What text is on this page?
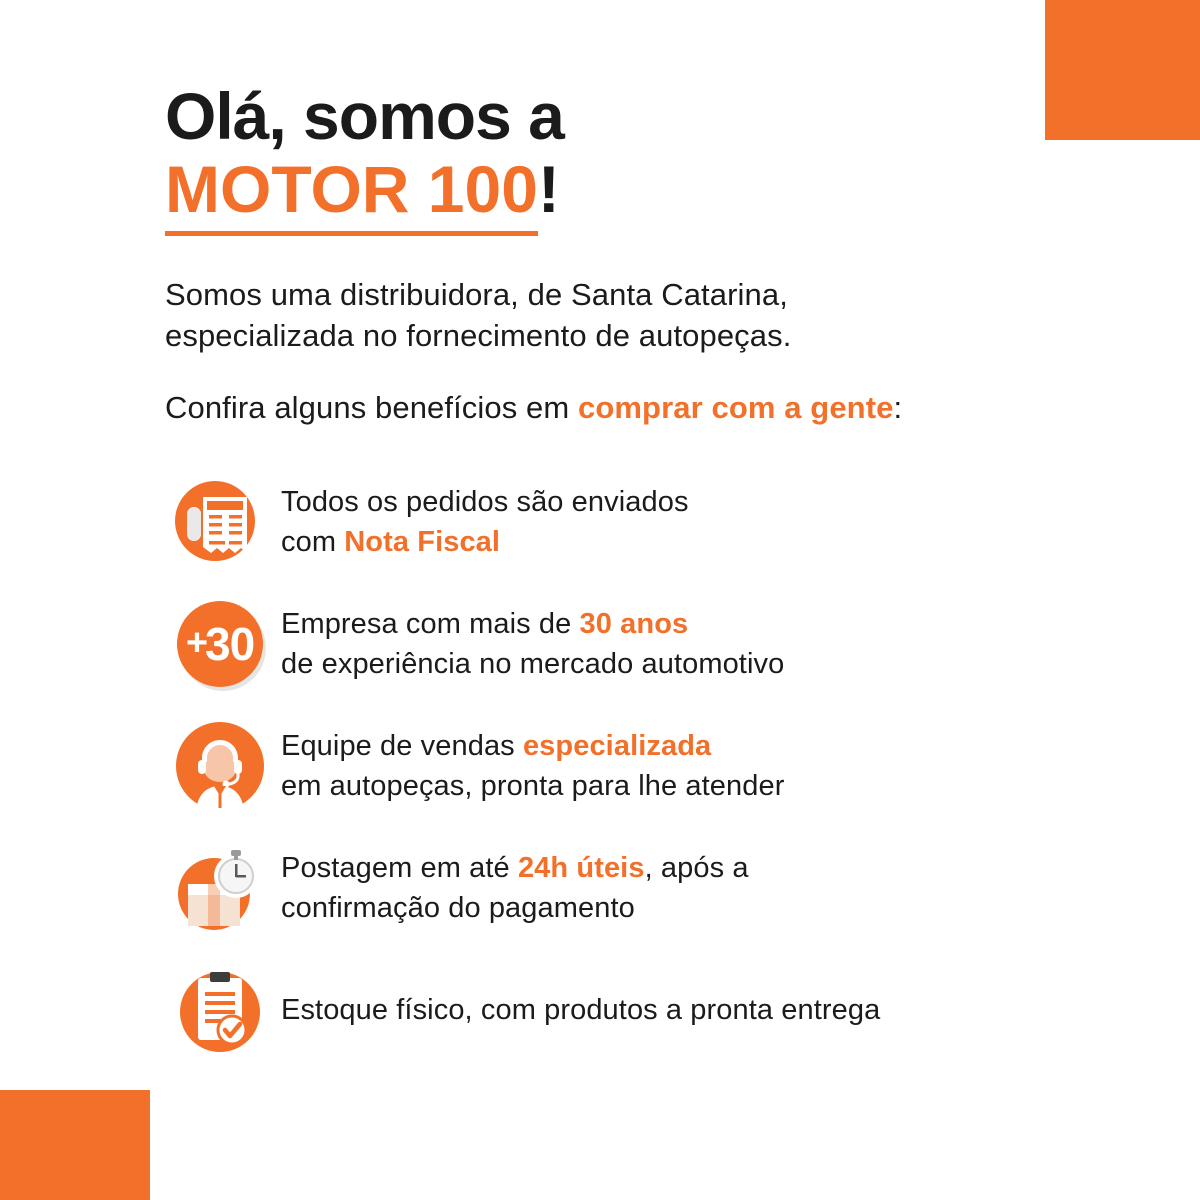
Olá, somos a
MOTOR 100 !
Somos uma distribuidora, de Santa Catarina,
especializada no fornecimento de autopeças.
Confira alguns benefícios em comprar com a gente:
Todos os pedidos são enviados
com Nota Fiscal
+
30 Empresa com mais de 30 anos
de experiência no mercado automotivo
Equipe de vendas especializada
em autopeças, pronta para lhe atender
Postagem em até 24h úteis, após a
confirmação do pagamento
Estoque físico, com produtos a pronta entrega
